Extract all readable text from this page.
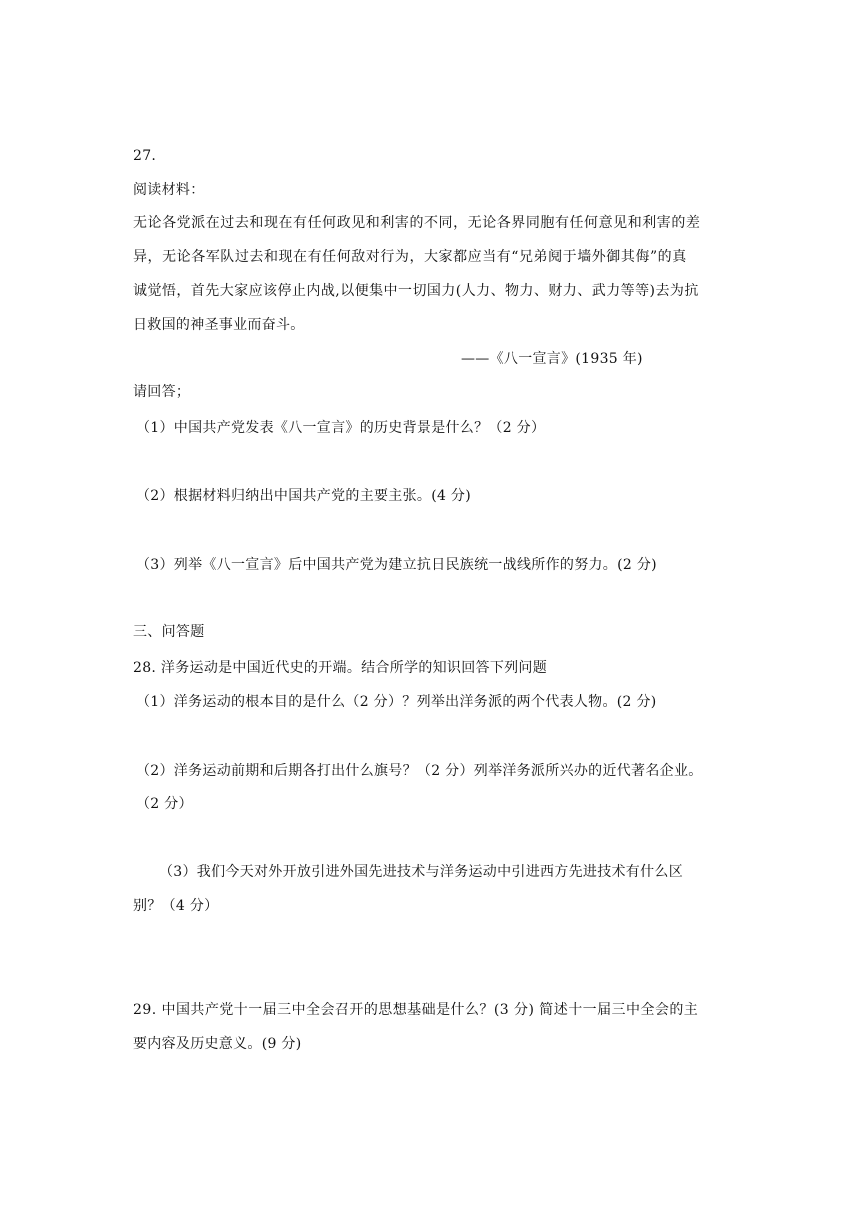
27.
阅读材料：
无论各党派在过去和现在有任何政见和利害的不同，无论各界同胞有任何意见和利害的差
异，无论各军队过去和现在有任何敌对行为，大家都应当有“兄弟阋于墙外御其侮”的真
诚觉悟，首先大家应该停止内战,以便集中一切国力(人力、物力、财力、武力等等)去为抗
日救国的神圣事业而奋斗。
——《八一宣言》(1935 年)
请回答；
（1）中国共产党发表《八一宣言》的历史背景是什么？（2 分）
（2）根据材料归纳出中国共产党的主要主张。(4 分)
（3）列举《八一宣言》后中国共产党为建立抗日民族统一战线所作的努力。(2 分)
三、问答题
28. 洋务运动是中国近代史的开端。结合所学的知识回答下列问题
（1）洋务运动的根本目的是什么（2 分）？列举出洋务派的两个代表人物。(2 分)
（2）洋务运动前期和后期各打出什么旗号？（2 分）列举洋务派所兴办的近代著名企业。
（2 分）
（3）我们今天对外开放引进外国先进技术与洋务运动中引进西方先进技术有什么区
别？（4 分）
29. 中国共产党十一届三中全会召开的思想基础是什么？(3 分) 简述十一届三中全会的主
要内容及历史意义。(9 分)
